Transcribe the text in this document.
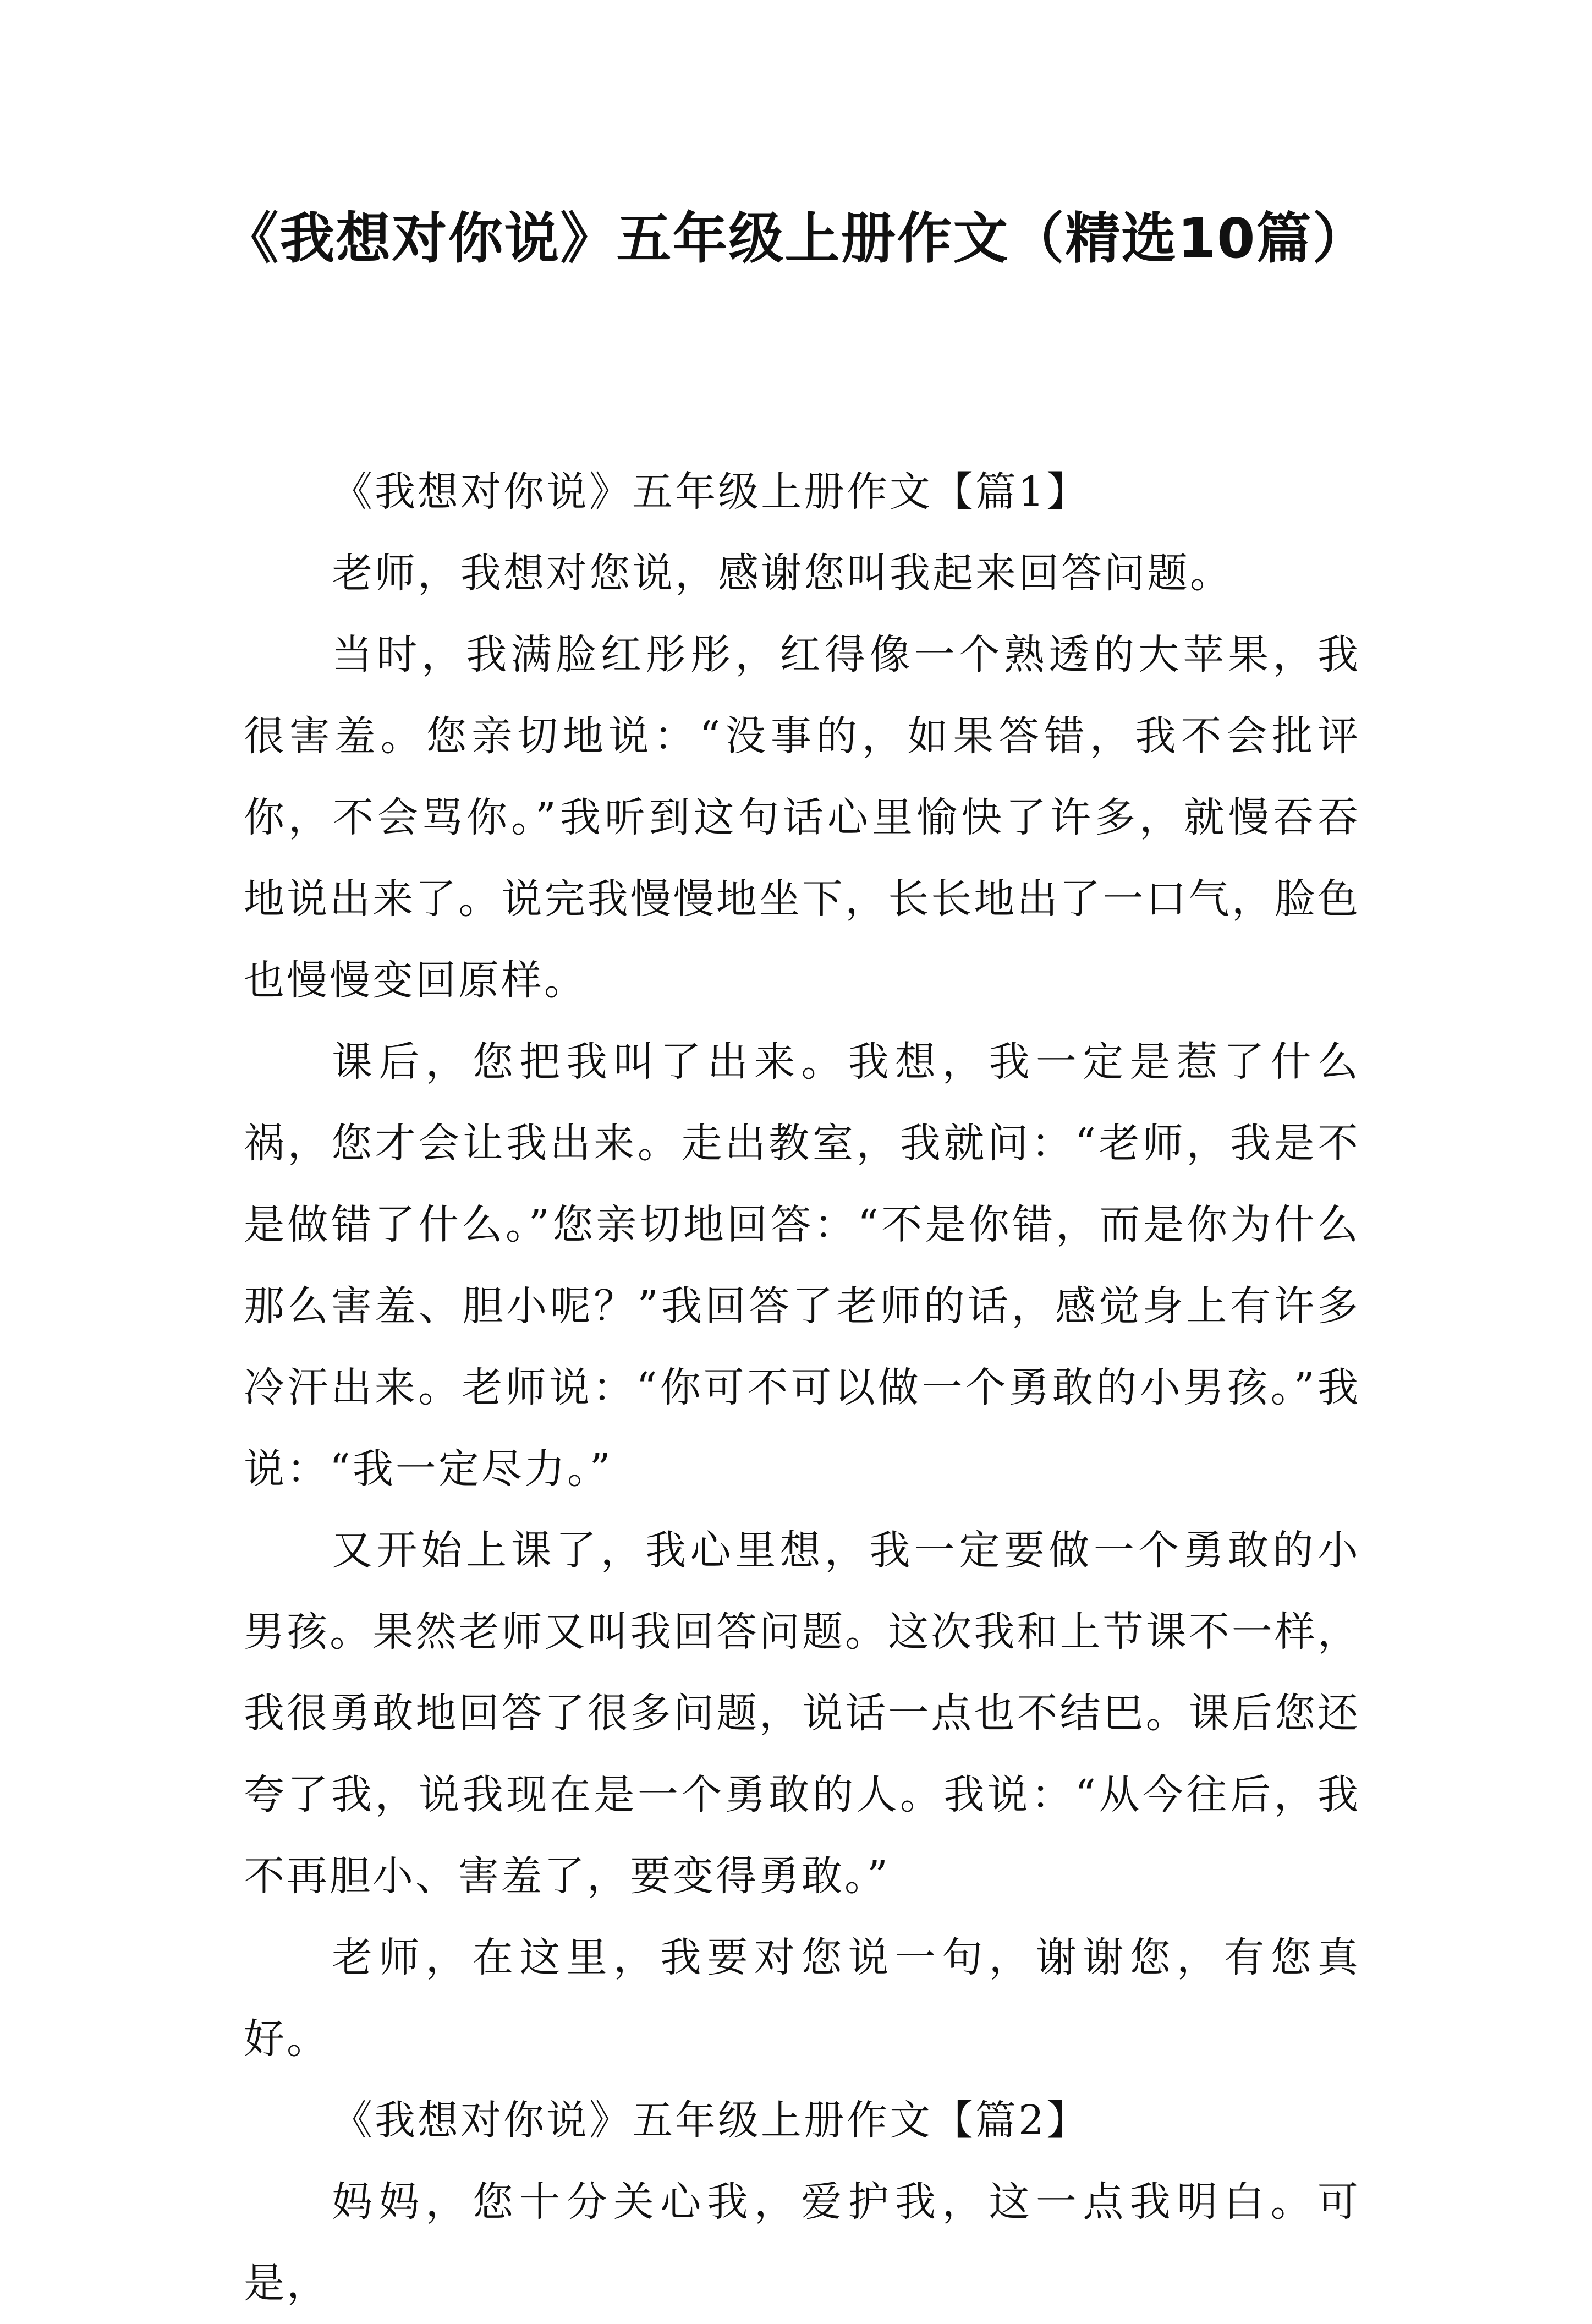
《我想对你说》五年级上册作文（精选10篇）

《我想对你说》五年级上册作文【篇1】

老师，我想对您说，感谢您叫我起来回答问题。

当时，我满脸红彤彤，红得像一个熟透的大苹果，我很害羞。您亲切地说：“没事的，如果答错，我不会批评你，不会骂你。”我听到这句话心里愉快了许多，就慢吞吞地说出来了。说完我慢慢地坐下，长长地出了一口气，脸色也慢慢变回原样。

课后，您把我叫了出来。我想，我一定是惹了什么祸，您才会让我出来。走出教室，我就问：“老师，我是不是做错了什么。”您亲切地回答：“不是你错，而是你为什么那么害羞、胆小呢？”我回答了老师的话，感觉身上有许多冷汗出来。老师说：“你可不可以做一个勇敢的小男孩。”我说：“我一定尽力。”

又开始上课了，我心里想，我一定要做一个勇敢的小男孩。果然老师又叫我回答问题。这次我和上节课不一样，我很勇敢地回答了很多问题，说话一点也不结巴。课后您还夸了我，说我现在是一个勇敢的人。我说：“从今往后，我不再胆小、害羞了，要变得勇敢。”

老师，在这里，我要对您说一句，谢谢您，有您真好。

《我想对你说》五年级上册作文【篇2】

妈妈，您十分关心我，爱护我，这一点我明白。可是，
